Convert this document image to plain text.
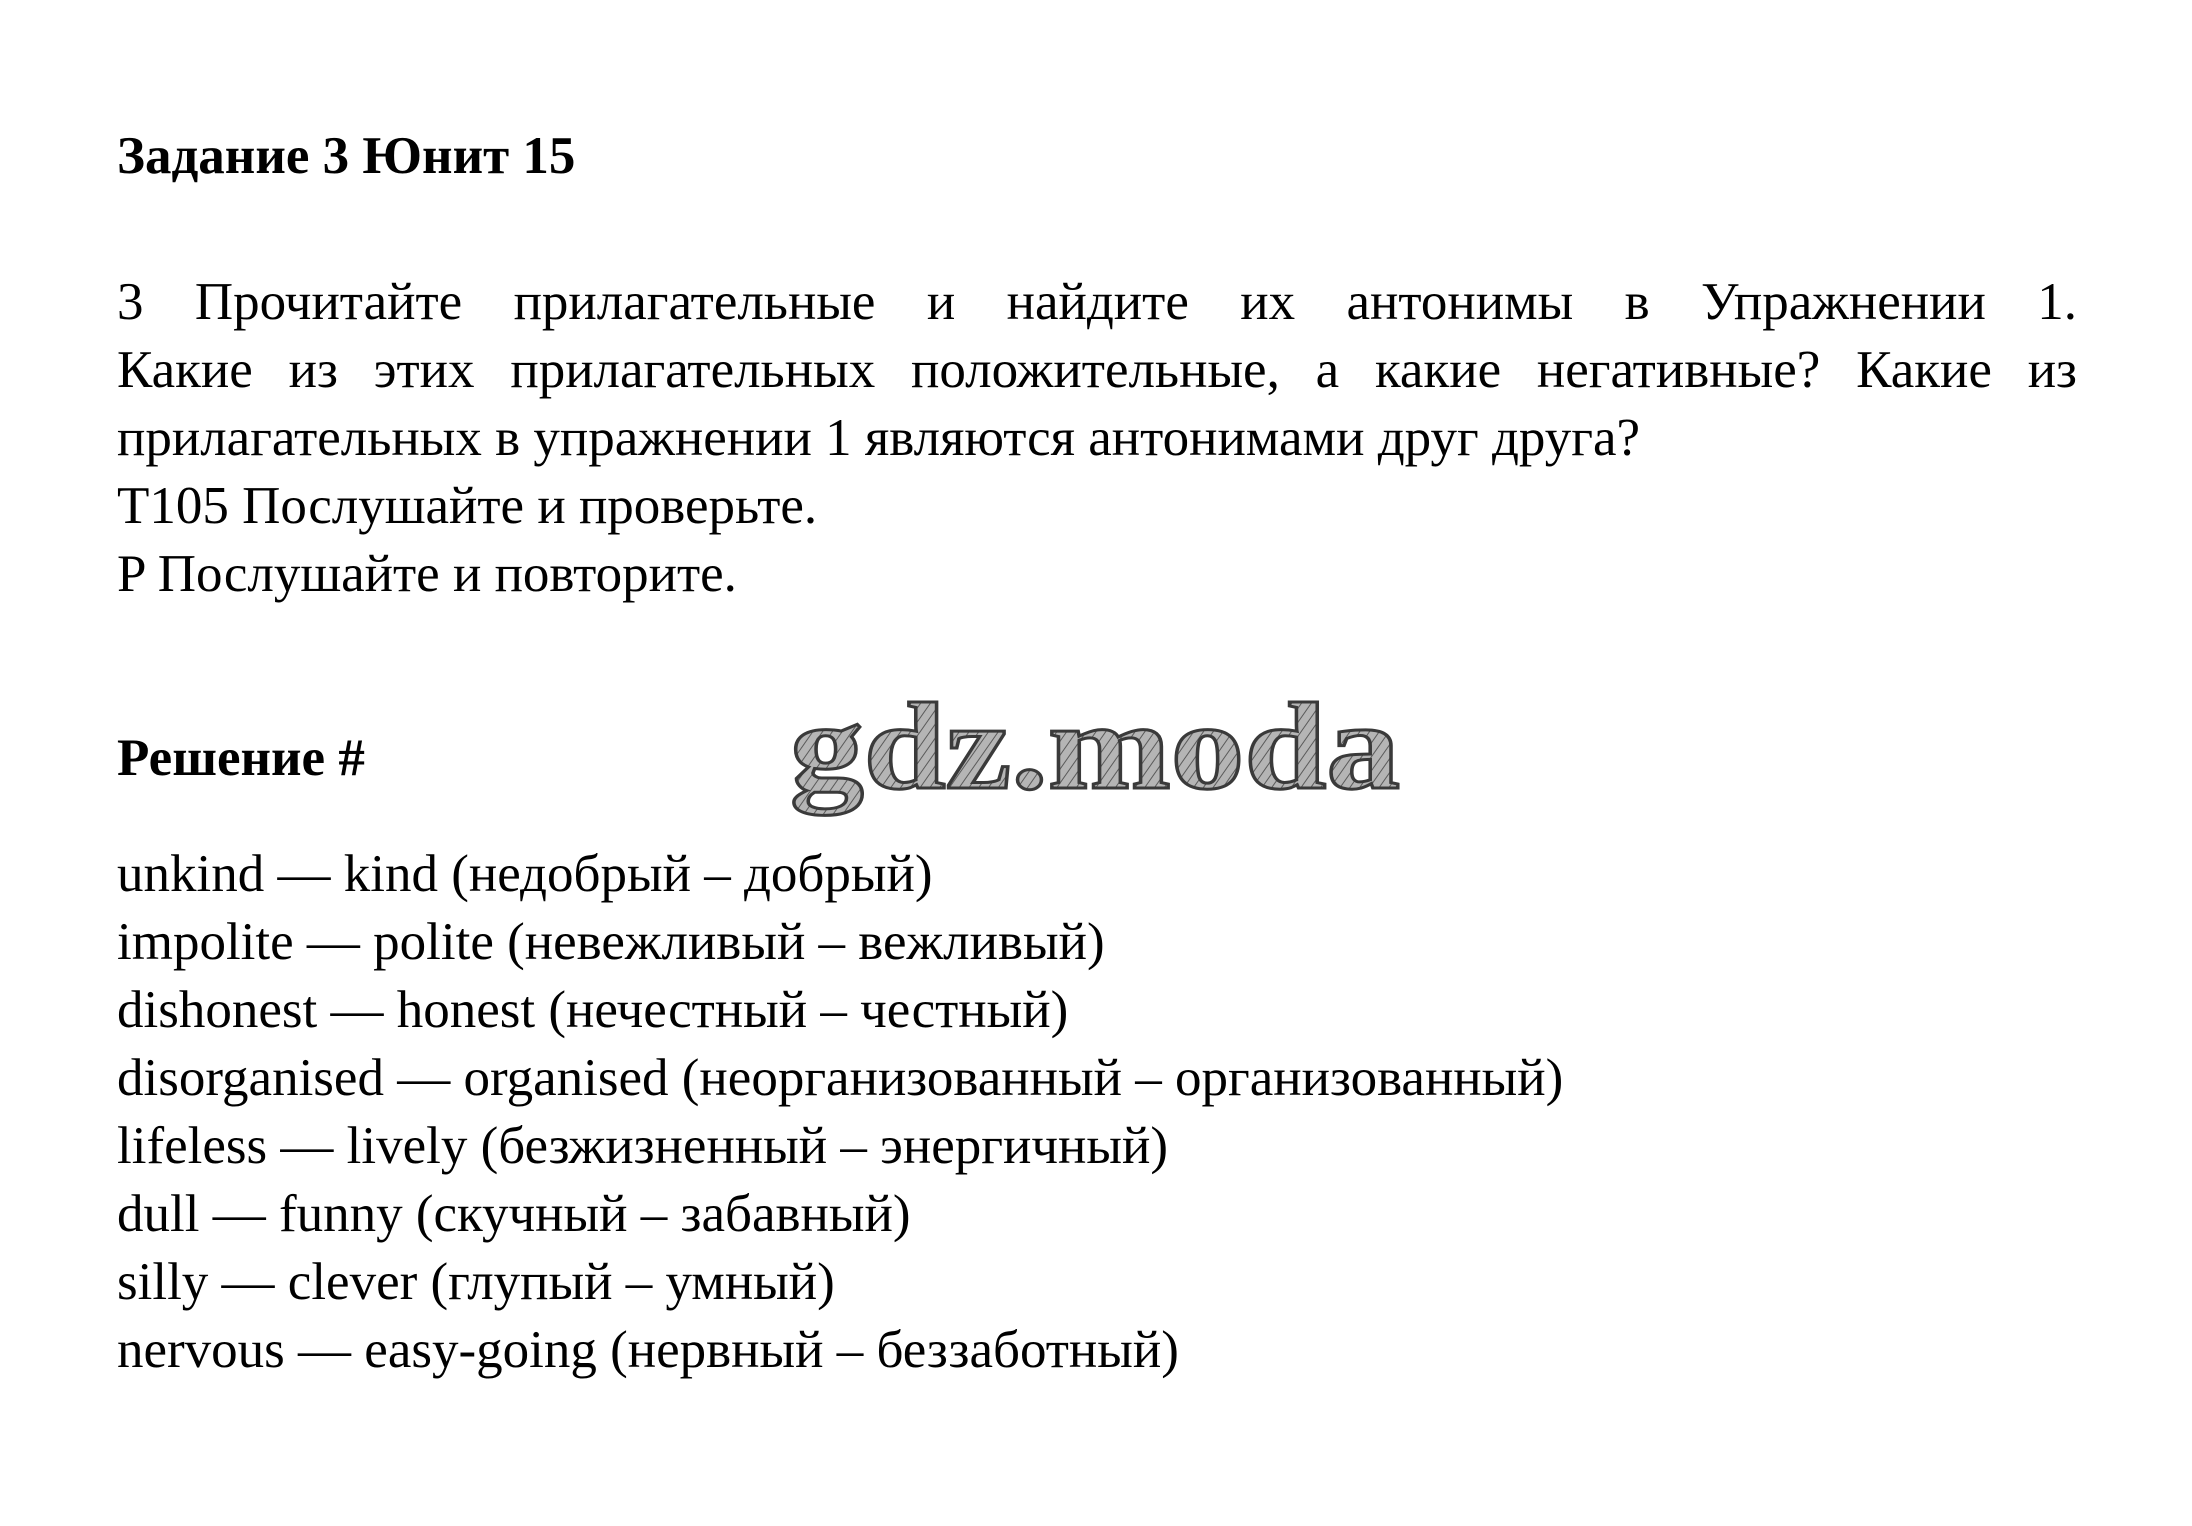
Задание 3 Юнит 15
3 Прочитайте прилагательные и найдите их антонимы в Упражнении 1.
Какие из этих прилагательных положительные, а какие негативные? Какие из
прилагательных в упражнении 1 являются антонимами друг друга?
T105 Послушайте и проверьте.
P Послушайте и повторите.
Решение #	gdz.moda
unkind — kind (недобрый – добрый)
impolite — polite (невежливый – вежливый)
dishonest — honest (нечестный – честный)
disorganised — organised (неорганизованный – организованный)
lifeless — lively (безжизненный – энергичный)
dull — funny (скучный – забавный)
silly — clever (глупый – умный)
nervous — easy-going (нервный – беззаботный)
